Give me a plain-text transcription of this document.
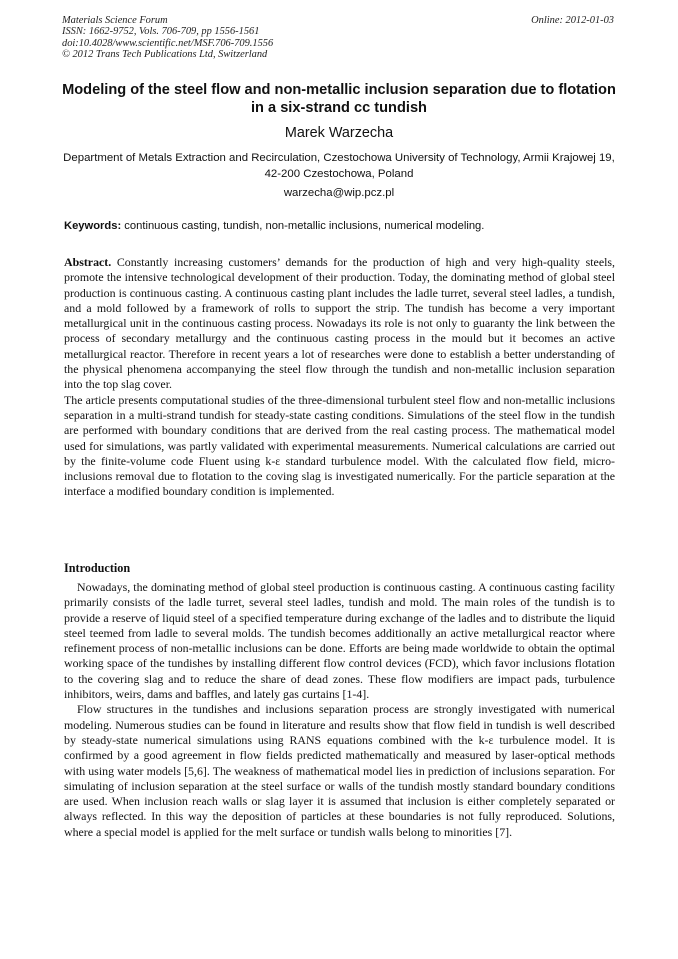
Materials Science Forum
ISSN: 1662-9752, Vols. 706-709, pp 1556-1561
doi:10.4028/www.scientific.net/MSF.706-709.1556
© 2012 Trans Tech Publications Ltd, Switzerland
Online: 2012-01-03
Modeling of the steel flow and non-metallic inclusion separation due to flotation in a six-strand cc tundish
Marek Warzecha
Department of Metals Extraction and Recirculation, Czestochowa University of Technology, Armii Krajowej 19, 42-200 Czestochowa, Poland
warzecha@wip.pcz.pl
Keywords: continuous casting, tundish, non-metallic inclusions, numerical modeling.

Abstract. Constantly increasing customers’ demands for the production of high and very high-quality steels, promote the intensive technological development of their production. Today, the dominating method of global steel production is continuous casting. A continuous casting plant includes the ladle turret, several steel ladles, a tundish, and a mold followed by a framework of rolls to support the strip. The tundish has become a very important metallurgical unit in the continuous casting process. Nowadays its role is not only to guaranty the link between the process of secondary metallurgy and the continuous casting process in the mould but it becomes an active metallurgical reactor. Therefore in recent years a lot of researches were done to establish a better understanding of the physical phenomena accompanying the steel flow through the tundish and non-metallic inclusion separation into the top slag cover.

The article presents computational studies of the three-dimensional turbulent steel flow and non-metallic inclusions separation in a multi-strand tundish for steady-state casting conditions. Simulations of the steel flow in the tundish are performed with boundary conditions that are derived from the real casting process. The mathematical model used for simulations, was partly validated with experimental measurements. Numerical calculations are carried out by the finite-volume code Fluent using k-ε standard turbulence model. With the calculated flow field, micro-inclusions removal due to flotation to the coving slag is investigated numerically. For the particle separation at the interface a modified boundary condition is implemented.

Introduction

Nowadays, the dominating method of global steel production is continuous casting. A continuous casting facility primarily consists of the ladle turret, several steel ladles, tundish and mold. The main roles of the tundish is to provide a reserve of liquid steel of a specified temperature during exchange of the ladles and to distribute the liquid steel teemed from ladle to several molds. The tundish becomes additionally an active metallurgical reactor where refinement process of non-metallic inclusions can be done. Efforts are being made worldwide to obtain the optimal working space of the tundishes by installing different flow control devices (FCD), which favor inclusions flotation to the covering slag and to reduce the share of dead zones. These flow modifiers are impact pads, turbulence inhibitors, weirs, dams and baffles, and lately gas curtains [1-4].

Flow structures in the tundishes and inclusions separation process are strongly investigated with numerical modeling. Numerous studies can be found in literature and results show that flow field in tundish is well described by steady-state numerical simulations using RANS equations combined with the k-ε turbulence model. It is confirmed by a good agreement in flow fields predicted mathematically and measured by laser-optical methods with using water models [5,6]. The weakness of mathematical model lies in prediction of inclusions separation. For simulating of inclusion separation at the steel surface or walls of the tundish mostly standard boundary conditions are used. When inclusion reach walls or slag layer it is assumed that inclusion is either completely separated or always reflected. In this way the deposition of particles at these boundaries is not fully reproduced. Solutions, where a special model is applied for the melt surface or tundish walls belong to minorities [7].
